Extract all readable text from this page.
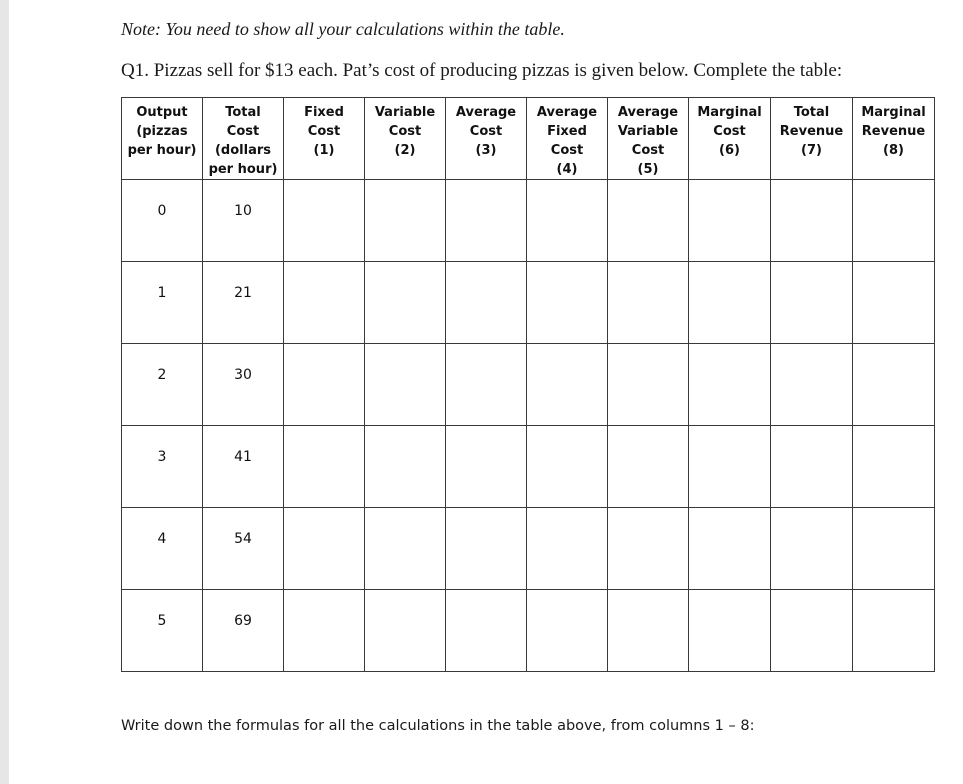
Note: You need to show all your calculations within the table.
Q1. Pizzas sell for $13 each. Pat’s cost of producing pizzas is given below. Complete the table:
Output
(pizzas
per hour)	Total
Cost
(dollars
per hour)	Fixed
Cost
(1)	Variable
Cost
(2)	Average
Cost
(3)	Average
Fixed
Cost
(4)	Average
Variable
Cost
(5)	Marginal
Cost
(6)	Total
Revenue
(7)	Marginal
Revenue
(8)

0	10								
1	21								
2	30								
3	41								
4	54								
5	69								
Write down the formulas for all the calculations in the table above, from columns 1 – 8:
